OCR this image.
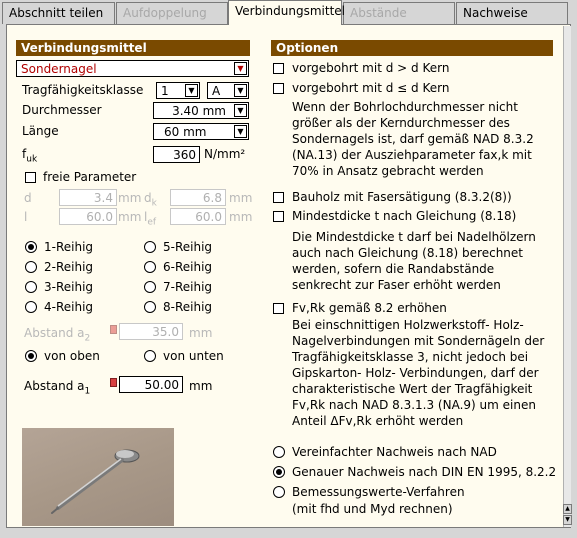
Abschnitt teilen	Aufdoppelung	Verbindungsmittel Abstände	Nachweise
Verbindungsmittel
Sondernagel	▼
Tragfähigkeitsklasse	1	▼	A	▼
Durchmesser	3.40 mm	▼
Länge	60 mm	▼
$f_{uk}$	360 N/mm²
freie Parameter
d	3.4 mm $d_k$	6.8 mm
l	60.0 mm $l_{ef}$	60.0 mm
1-Reihig
2-Reihig
3-Reihig
4-Reihig
5-Reihig
6-Reihig
7-Reihig
8-Reihig
Abstand $a_2$	35.0 mm
von oben	von unten
Abstand $a_1$	50.00 mm
Optionen
vorgebohrt mit d > d Kern
vorgebohrt mit d ≤ d Kern
Wenn der Bohrlochdurchmesser nicht größer als der Kerndurchmesser des Sondernagels ist, darf gemäß NAD 8.3.2 (NA.13) der Ausziehparameter fax,k mit 70% in Ansatz gebracht werden
Bauholz mit Fasersätigung (8.3.2(8))
Mindestdicke t nach Gleichung (8.18)
Die Mindestdicke t darf bei Nadelhölzern auch nach Gleichung (8.18) berechnet werden, sofern die Randabstände senkrecht zur Faser erhöht werden
Fv,Rk gemäß 8.2 erhöhen
Bei einschnittigen Holzwerkstoff- Holz- Nagelverbindungen mit Sondernägeln der Tragfähigkeitsklasse 3, nicht jedoch bei Gipskarton- Holz- Verbindungen, darf der charakteristische Wert der Tragfähigkeit Fv,Rk nach NAD 8.3.1.3 (NA.9) um einen Anteil ΔFv,Rk erhöht werden
Vereinfachter Nachweis nach NAD
Genauer Nachweis nach DIN EN 1995, 8.2.2
Bemessungswerte-Verfahren
(mit fhd und Myd rechnen)	▲
▼
